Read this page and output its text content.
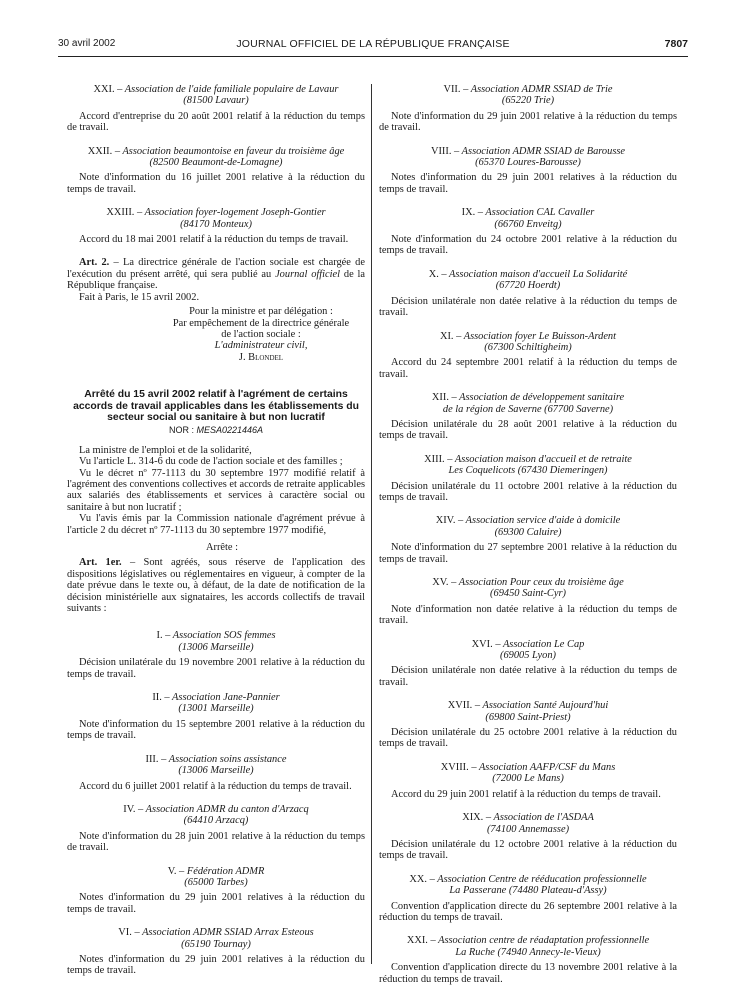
30 avril 2002	JOURNAL OFFICIEL DE LA RÉPUBLIQUE FRANÇAISE	7807

XXI. – Association de l'aide familiale populaire de Lavaur

(81500 Lavaur)

Accord d'entreprise du 20 août 2001 relatif à la réduction du temps de travail.

XXII. – Association beaumontoise en faveur du troisième âge

(82500 Beaumont-de-Lomagne)

Note d'information du 16 juillet 2001 relative à la réduction du temps de travail.

XXIII. – Association foyer-logement Joseph-Gontier

(84170 Monteux)

Accord du 18 mai 2001 relatif à la réduction du temps de travail.

Art. 2. – La directrice générale de l'action sociale est chargée de l'exécution du présent arrêté, qui sera publié au Journal officiel de la République française.

Fait à Paris, le 15 avril 2002.

Pour la ministre et par délégation :

Par empêchement de la directrice générale

de l'action sociale :

L'administrateur civil,

J. Blondel

Arrêté du 15 avril 2002 relatif à l'agrément de certains accords de travail applicables dans les établissements du secteur social ou sanitaire à but non lucratif

NOR : MESA0221446A

La ministre de l'emploi et de la solidarité,

Vu l'article L. 314-6 du code de l'action sociale et des familles ;

Vu le décret nº 77-1113 du 30 septembre 1977 modifié relatif à l'agrément des conventions collectives et accords de retraite applicables aux salariés des établissements et services à caractère social ou sanitaire à but non lucratif ;

Vu l'avis émis par la Commission nationale d'agrément prévue à l'article 2 du décret nº 77-1113 du 30 septembre 1977 modifié,

Arrête :

Art. 1er. – Sont agréés, sous réserve de l'application des dispositions législatives ou réglementaires en vigueur, à compter de la date prévue dans le texte ou, à défaut, de la date de notification de la décision ministérielle aux signataires, les accords collectifs de travail suivants :

I. – Association SOS femmes

(13006 Marseille)

Décision unilatérale du 19 novembre 2001 relative à la réduction du temps de travail.

II. – Association Jane-Pannier

(13001 Marseille)

Note d'information du 15 septembre 2001 relative à la réduction du temps de travail.

III. – Association soins assistance

(13006 Marseille)

Accord du 6 juillet 2001 relatif à la réduction du temps de travail.

IV. – Association ADMR du canton d'Arzacq

(64410 Arzacq)

Note d'information du 28 juin 2001 relative à la réduction du temps de travail.

V. – Fédération ADMR

(65000 Tarbes)

Notes d'information du 29 juin 2001 relatives à la réduction du temps de travail.

VI. – Association ADMR SSIAD Arrax Esteous

(65190 Tournay)

Notes d'information du 29 juin 2001 relatives à la réduction du temps de travail.

VII. – Association ADMR SSIAD de Trie

(65220 Trie)

Note d'information du 29 juin 2001 relative à la réduction du temps de travail.

VIII. – Association ADMR SSIAD de Barousse

(65370 Loures-Barousse)

Notes d'information du 29 juin 2001 relatives à la réduction du temps de travail.

IX. – Association CAL Cavaller

(66760 Enveitg)

Note d'information du 24 octobre 2001 relative à la réduction du temps de travail.

X. – Association maison d'accueil La Solidarité

(67720 Hoerdt)

Décision unilatérale non datée relative à la réduction du temps de travail.

XI. – Association foyer Le Buisson-Ardent

(67300 Schiltigheim)

Accord du 24 septembre 2001 relatif à la réduction du temps de travail.

XII. – Association de développement sanitaire

de la région de Saverne (67700 Saverne)

Décision unilatérale du 28 août 2001 relative à la réduction du temps de travail.

XIII. – Association maison d'accueil et de retraite

Les Coquelicots (67430 Diemeringen)

Décision unilatérale du 11 octobre 2001 relative à la réduction du temps de travail.

XIV. – Association service d'aide à domicile

(69300 Caluire)

Note d'information du 27 septembre 2001 relative à la réduction du temps de travail.

XV. – Association Pour ceux du troisième âge

(69450 Saint-Cyr)

Note d'information non datée relative à la réduction du temps de travail.

XVI. – Association Le Cap

(69005 Lyon)

Décision unilatérale non datée relative à la réduction du temps de travail.

XVII. – Association Santé Aujourd'hui

(69800 Saint-Priest)

Décision unilatérale du 25 octobre 2001 relative à la réduction du temps de travail.

XVIII. – Association AAFP/CSF du Mans

(72000 Le Mans)

Accord du 29 juin 2001 relatif à la réduction du temps de travail.

XIX. – Association de l'ASDAA

(74100 Annemasse)

Décision unilatérale du 12 octobre 2001 relative à la réduction du temps de travail.

XX. – Association Centre de rééducation professionnelle

La Passerane (74480 Plateau-d'Assy)

Convention d'application directe du 26 septembre 2001 relative à la réduction du temps de travail.

XXI. – Association centre de réadaptation professionnelle

La Ruche (74940 Annecy-le-Vieux)

Convention d'application directe du 13 novembre 2001 relative à la réduction du temps de travail.
